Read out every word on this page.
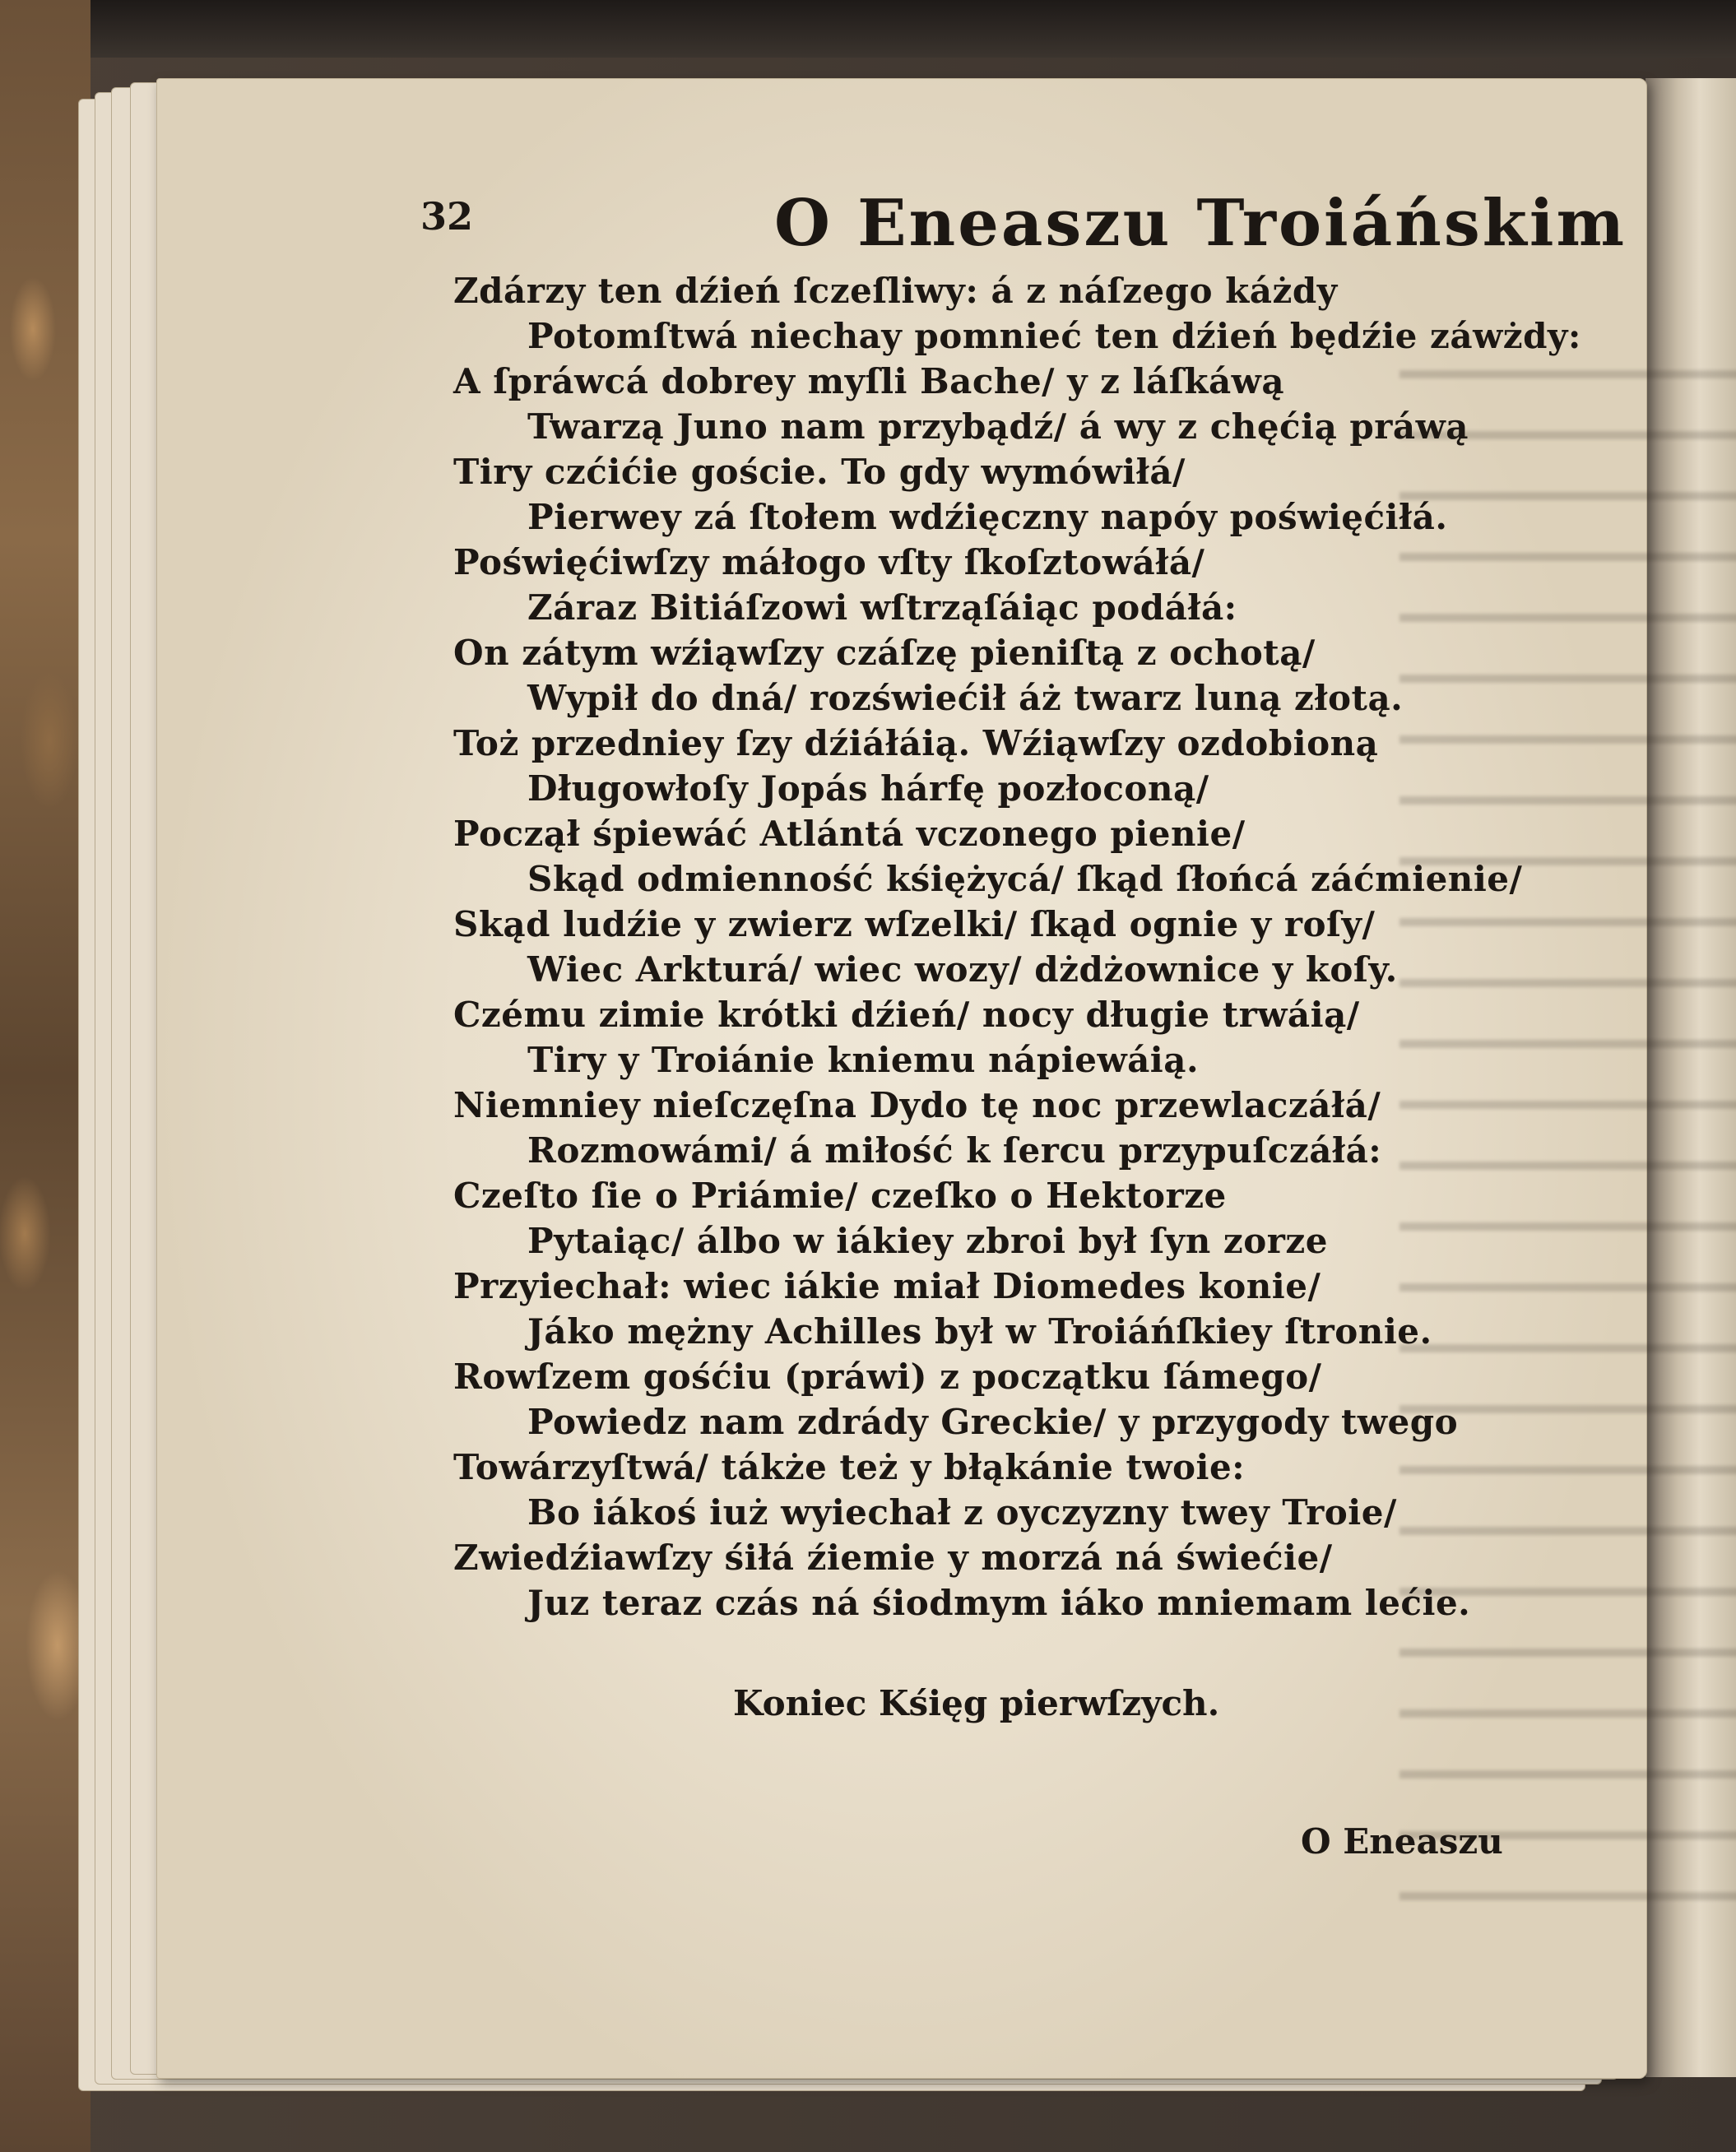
32	O Eneaszu Troiáńskim
Zdárzy ten dźień ſczeſliwy: á z náſzego káżdy
Potomſtwá niechay pomnieć ten dźień będźie záwżdy:
A ſpráwcá dobrey myſli Bache/ y z láſkáwą
Twarzą Juno nam przybądź/ á wy z chęćią práwą
Tiry czćićie goście. To gdy wymówiłá/
Pierwey zá ſtołem wdźięczny napóy poświęćiłá.
Poświęćiwſzy máłogo vſty ſkoſztowáłá/
Záraz Bitiáſzowi wſtrząſáiąc podáłá:
On zátym wźiąwſzy czáſzę pieniſtą z ochotą/
Wypił do dná/ rozświećił áż twarz luną złotą.
Toż przedniey ſzy dźiáłáią. Wźiąwſzy ozdobioną
Długowłoſy Jopás hárfę pozłoconą/
Począł śpiewáć Atlántá vczonego pienie/
Skąd odmienność kśiężycá/ ſkąd ſłońcá záćmienie/
Skąd ludźie y zwierz wſzelki/ ſkąd ognie y roſy/
Wiec Arkturá/ wiec wozy/ dżdżownice y koſy.
Czému zimie krótki dźień/ nocy długie trwáią/
Tiry y Troiánie kniemu nápiewáią.
Niemniey nieſczęſna Dydo tę noc przewlaczáłá/
Rozmowámi/ á miłość k ſercu przypuſczáłá:
Czeſto ſie o Priámie/ czeſko o Hektorze
Pytaiąc/ álbo w iákiey zbroi był ſyn zorze
Przyiechał: wiec iákie miał Diomedes konie/
Jáko mężny Achilles był w Troiáńſkiey ſtronie.
Rowſzem gośćiu (práwi) z początku ſámego/
Powiedz nam zdrády Greckie/ y przygody twego
Towárzyſtwá/ tákże też y błąkánie twoie:
Bo iákoś iuż wyiechał z oyczyzny twey Troie/
Zwiedźiawſzy śiłá źiemie y morzá ná świećie/
Juz teraz czás ná śiodmym iáko mniemam lećie.
Koniec Kśięg pierwſzych.
O Eneaszu
